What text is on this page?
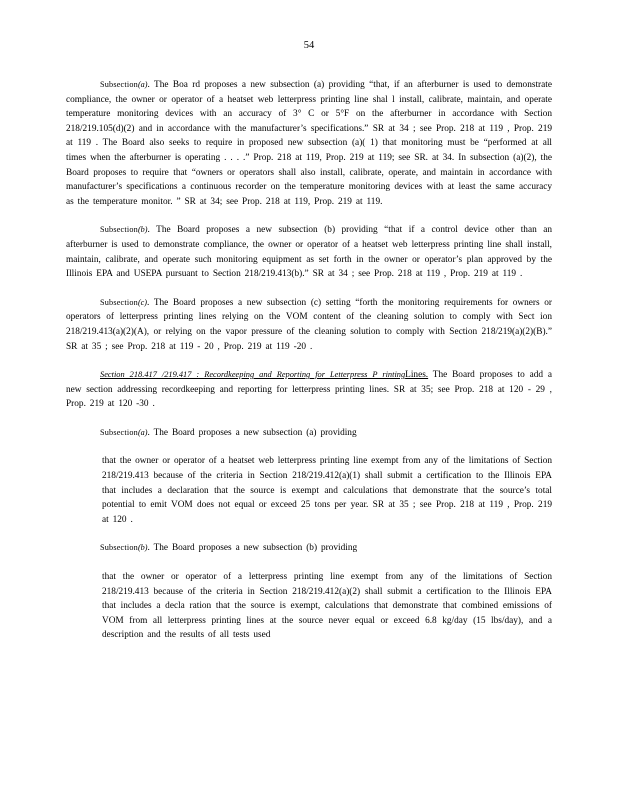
54

Subsection(a). The Boa rd proposes a new subsection (a) providing “that, if an afterburner is used to demonstrate compliance, the owner or operator of a heatset web letterpress printing line shal l install, calibrate, maintain, and operate temperature monitoring devices with an accuracy of 3° C or 5°F on the afterburner in accordance with Section 218/219.105(d)(2) and in accordance with the manufacturer’s specifications.” SR at 34 ; see Prop. 218 at 119 , Prop. 219 at 119 . The Board also seeks to require in proposed new subsection (a)( 1) that monitoring must be “performed at all times when the afterburner is operating . . . .” Prop. 218 at 119, Prop. 219 at 119; see SR. at 34. In subsection (a)(2), the Board proposes to require that “owners or operators shall also install, calibrate, operate, and maintain in accordance with manufacturer’s specifications a continuous recorder on the temperature monitoring devices with at least the same accuracy as the temperature monitor. ” SR at 34; see Prop. 218 at 119, Prop. 219 at 119.

Subsection(b). The Board proposes a new subsection (b) providing “that if a control device other than an afterburner is used to demonstrate compliance, the owner or operator of a heatset web letterpress printing line shall install, maintain, calibrate, and operate such monitoring equipment as set forth in the owner or operator’s plan approved by the Illinois EPA and USEPA pursuant to Section 218/219.413(b).” SR at 34 ; see Prop. 218 at 119 , Prop. 219 at 119 .

Subsection(c). The Board proposes a new subsection (c) setting “forth the monitoring requirements for owners or operators of letterpress printing lines relying on the VOM content of the cleaning solution to comply with Sect ion 218/219.413(a)(2)(A), or relying on the vapor pressure of the cleaning solution to comply with Section 218/219(a)(2)(B).” SR at 35 ; see Prop. 218 at 119 - 20 , Prop. 219 at 119 -20 .

Section 218.417 /219.417 : Recordkeeping and Reporting for Letterpress P rintingLines. The Board proposes to add a new section addressing recordkeeping and reporting for letterpress printing lines. SR at 35; see Prop. 218 at 120 - 29 , Prop. 219 at 120 -30 .

Subsection(a). The Board proposes a new subsection (a) providing

that the owner or operator of a heatset web letterpress printing line exempt from any of the limitations of Section 218/219.413 because of the criteria in Section 218/219.412(a)(1) shall submit a certification to the Illinois EPA that includes a declaration that the source is exempt and calculations that demonstrate that the source’s total potential to emit VOM does not equal or exceed 25 tons per year. SR at 35 ; see Prop. 218 at 119 , Prop. 219 at 120 .

Subsection(b). The Board proposes a new subsection (b) providing

that the owner or operator of a letterpress printing line exempt from any of the limitations of Section 218/219.413 because of the criteria in Section 218/219.412(a)(2) shall submit a certification to the Illinois EPA that includes a decla ration that the source is exempt, calculations that demonstrate that combined emissions of VOM from all letterpress printing lines at the source never equal or exceed 6.8 kg/day (15 lbs/day), and a description and the results of all tests used
